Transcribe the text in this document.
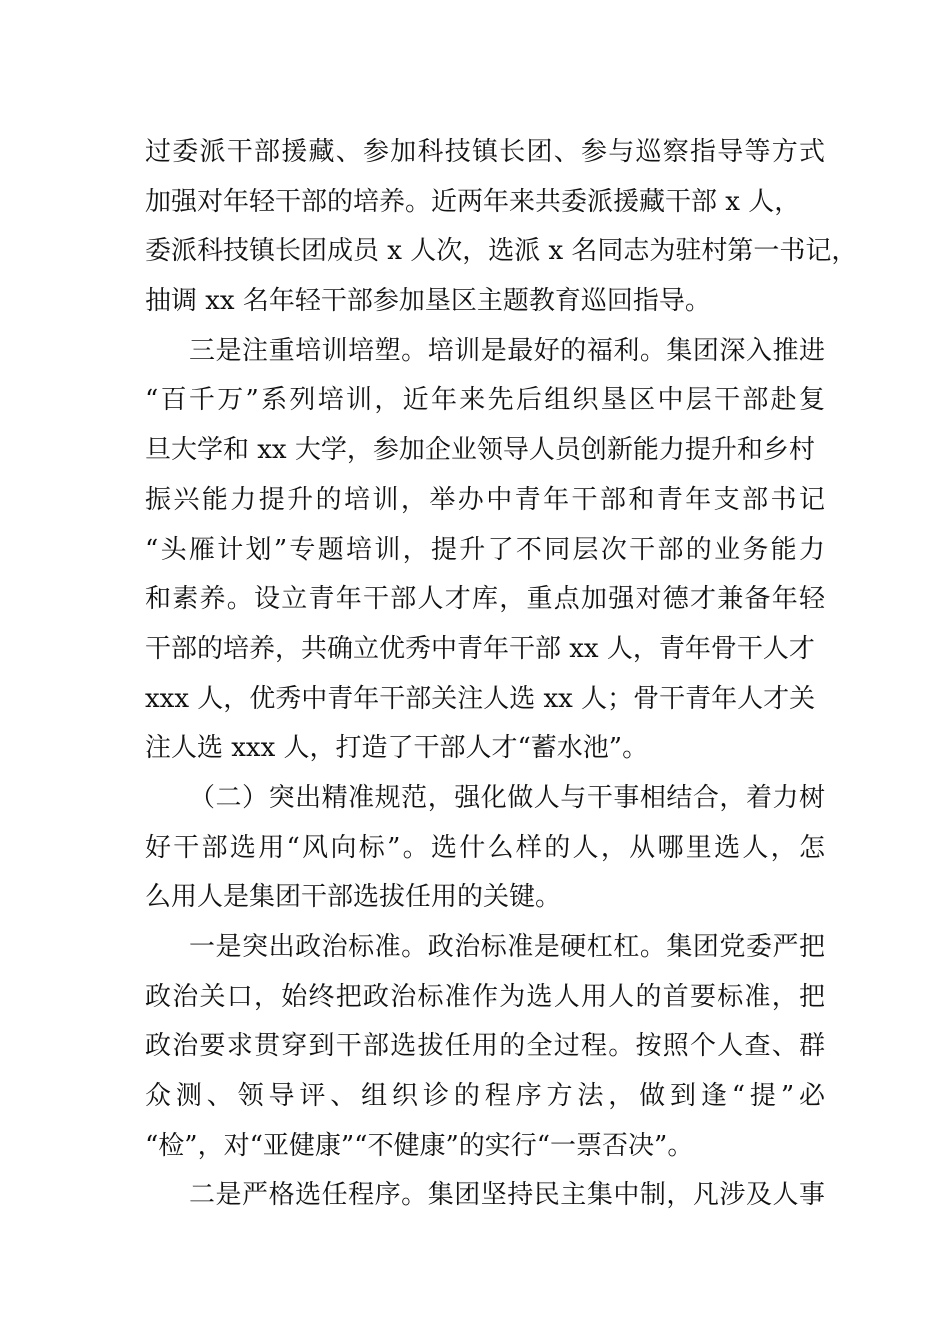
过委派干部援藏、参加科技镇长团、参与巡察指导等方式
加强对年轻干部的培养。近两年来共委派援藏干部 x 人，
委派科技镇长团成员 x 人次，选派 x 名同志为驻村第一书记，
抽调 xx 名年轻干部参加垦区主题教育巡回指导。
三是注重培训培塑。培训是最好的福利。集团深入推进
“百千万”系列培训，近年来先后组织垦区中层干部赴复
旦大学和 xx 大学，参加企业领导人员创新能力提升和乡村
振兴能力提升的培训，举办中青年干部和青年支部书记
“头雁计划”专题培训，提升了不同层次干部的业务能力
和素养。设立青年干部人才库，重点加强对德才兼备年轻
干部的培养，共确立优秀中青年干部 xx 人，青年骨干人才
xxx 人，优秀中青年干部关注人选 xx 人；骨干青年人才关
注人选 xxx 人，打造了干部人才“蓄水池”。
（二）突出精准规范，强化做人与干事相结合，着力树
好干部选用“风向标”。选什么样的人，从哪里选人，怎
么用人是集团干部选拔任用的关键。
一是突出政治标准。政治标准是硬杠杠。集团党委严把
政治关口，始终把政治标准作为选人用人的首要标准，把
政治要求贯穿到干部选拔任用的全过程。按照个人查、群
众测、领导评、组织诊的程序方法，做到逢“提”必
“检”，对“亚健康”“不健康”的实行“一票否决”。
二是严格选任程序。集团坚持民主集中制，凡涉及人事
